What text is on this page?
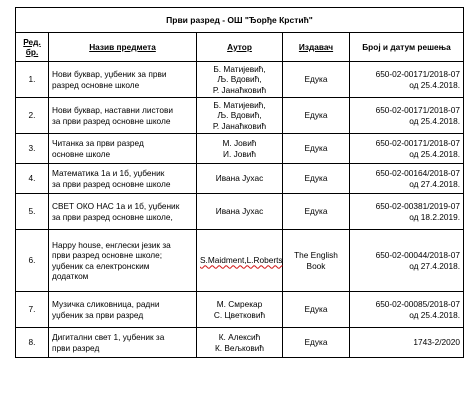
Први разред - ОШ "Ђорђе Крстић"				

Ред.
бр.	Назив предмета	Аутор	Издавач	Број и датум решења
1.	Нови буквар, уџбеник за први
разред основне школе	Б. Матијевић,
Љ. Вдовић,
Р. Јанаћковић	Едука	650-02-00171/2018-07
од 25.4.2018.

2.	Нови буквар, наставни листови
за први разред основне школе	Б. Матијевић,
Љ. Вдовић,
Р. Јанаћковић	Едука	650-02-00171/2018-07
од 25.4.2018.

3.	Читанка за први разред
основне школе	М. Јовић
И. Јовић	Едука	650-02-00171/2018-07
од 25.4.2018.

4.	Математика 1а и 1б, уџбеник
за први разред основне школе	Ивана Јухас	Едука	650-02-00164/2018-07
од 27.4.2018.

5.	СВЕТ ОКО НАС 1а и 1б, уџбеник
за први разред основне школе,	Ивана Јухас	Едука	650-02-00381/2019-07
од 18.2.2019.

6.	Happy house, енглески језик за
први разред основне школе;
уџбеник са електронским
додатком	S.Maidment,L.Roberts	The English
Book	650-02-00044/2018-07
од 27.4.2018.

7.	Музичка сликовница, радни
уџбеник за први разред	М. Смрекар
С. Цветковић	Едука	650-02-00085/2018-07
од 25.4.2018.

8.	Дигитални свет 1, уџбеник за
први разред	К. Алексић
К. Вељковић	Едука	1743-2/2020
